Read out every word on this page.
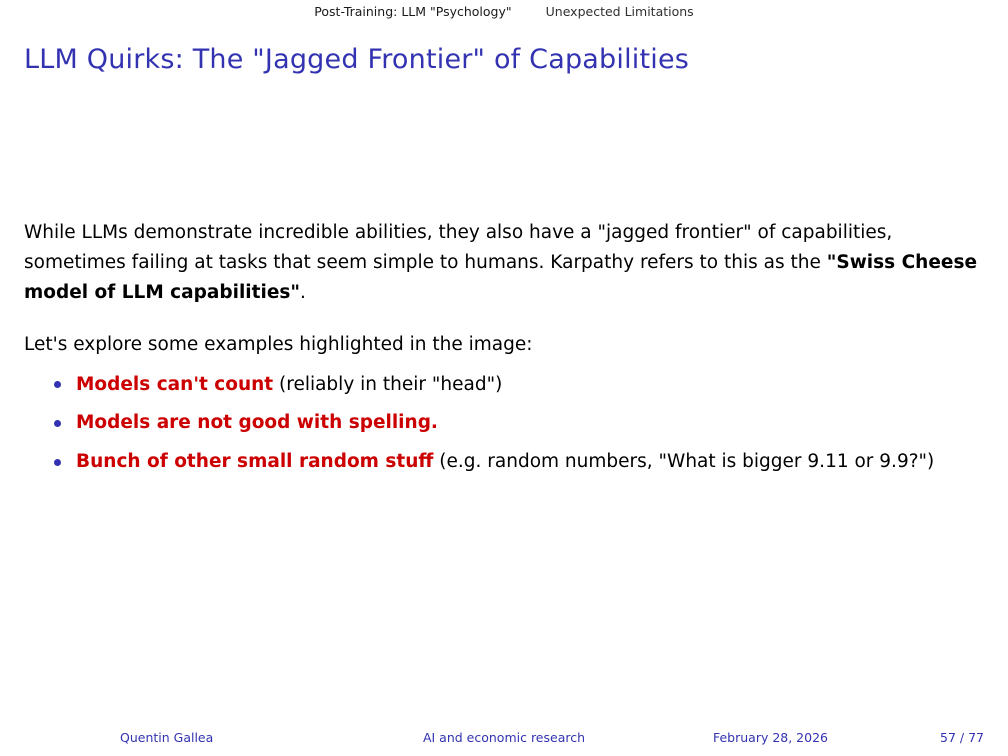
Post-Training: LLM "Psychology"	Unexpected Limitations
LLM Quirks: The "Jagged Frontier" of Capabilities

While LLMs demonstrate incredible abilities, they also have a "jagged frontier" of capabilities, sometimes failing at tasks that seem simple to humans. Karpathy refers to this as the "Swiss Cheese model of LLM capabilities".

Let's explore some examples highlighted in the image:

Models can't count (reliably in their "head")
Models are not good with spelling.
Bunch of other small random stuff (e.g. random numbers, "What is bigger 9.11 or 9.9?")
Quentin Gallea	AI and economic research	February 28, 2026	57 / 77
